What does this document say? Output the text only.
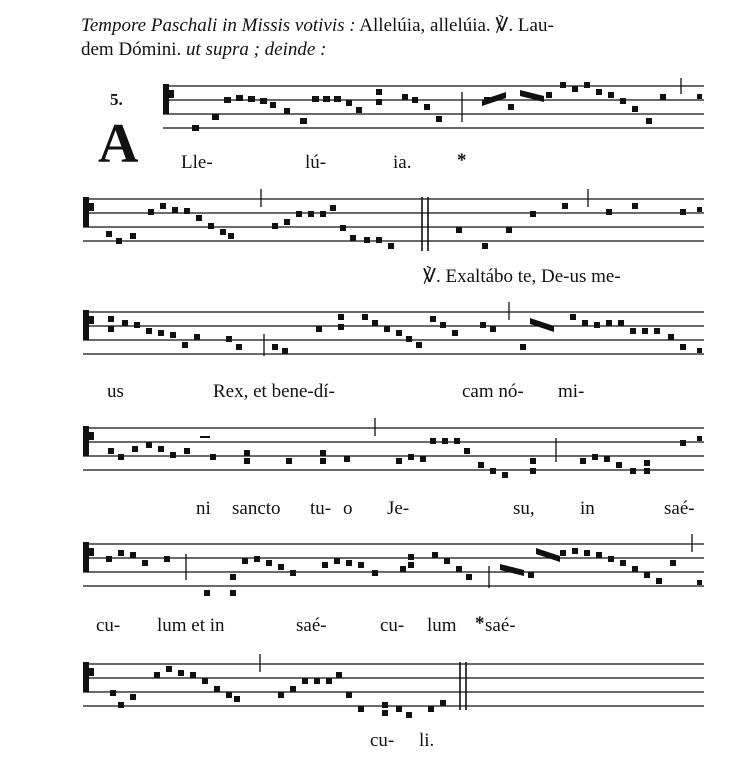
Tempore Paschali in Missis votivis : Allelúia, allelúia. ℣. Lau-
dem Dómini. ut supra ; deinde :
5.
A Lle-	lú-	ia. *
℣. Exaltábo te, De-us me-
us	Rex, et bene-dí-	cam nó- mi-
ni sancto tu- o Je-	su, in	saé-
cu- lum et in	saé-	cu- lum * saé-
cu- li.
